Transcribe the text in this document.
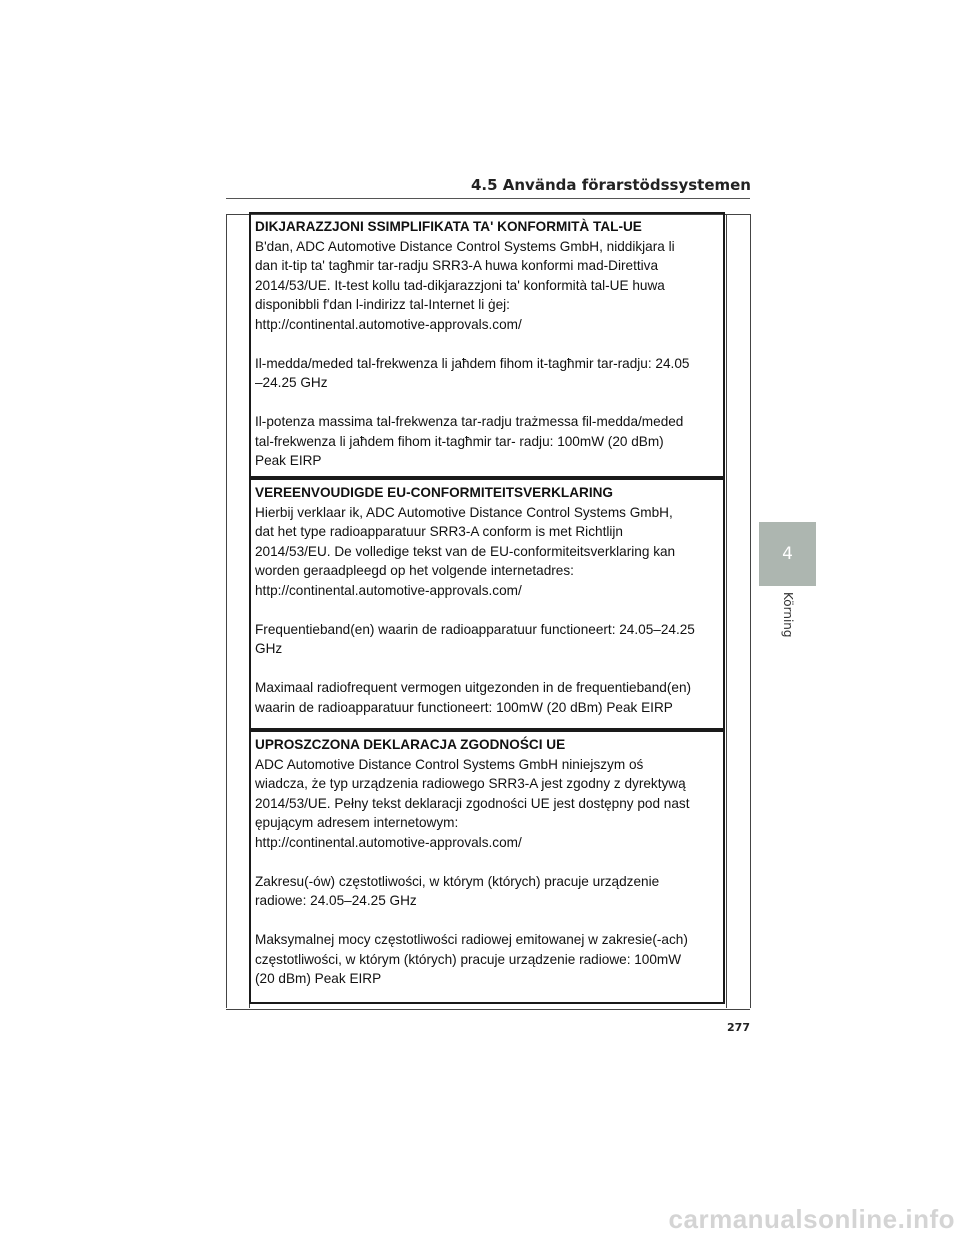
4.5 Använda förarstödssystemen
DIKJARAZZJONI SSIMPLIFIKATA TA' KONFORMITÀ TAL-UE
B'dan, ADC Automotive Distance Control Systems GmbH, niddikjara li
dan it-tip ta' tagħmir tar-radju SRR3-A huwa konformi mad-Direttiva
2014/53/UE. It-test kollu tad-dikjarazzjoni ta' konformità tal-UE huwa
disponibbli f'dan l-indirizz tal-Internet li ġej:
http://continental.automotive-approvals.com/
Il-medda/meded tal-frekwenza li jaħdem fihom it-tagħmir tar-radju: 24.05
–24.25 GHz
Il-potenza massima tal-frekwenza tar-radju trażmessa fil-medda/meded
tal-frekwenza li jaħdem fihom it-tagħmir tar- radju: 100mW (20 dBm)
Peak EIRP
VEREENVOUDIGDE EU-CONFORMITEITSVERKLARING
Hierbij verklaar ik, ADC Automotive Distance Control Systems GmbH,
dat het type radioapparatuur SRR3-A conform is met Richtlijn
2014/53/EU. De volledige tekst van de EU-conformiteitsverklaring kan
worden geraadpleegd op het volgende internetadres:
http://continental.automotive-approvals.com/
Frequentieband(en) waarin de radioapparatuur functioneert: 24.05–24.25
GHz
Maximaal radiofrequent vermogen uitgezonden in de frequentieband(en)
waarin de radioapparatuur functioneert: 100mW (20 dBm) Peak EIRP
UPROSZCZONA DEKLARACJA ZGODNOŚCI UE
ADC Automotive Distance Control Systems GmbH niniejszym oś
wiadcza, że typ urządzenia radiowego SRR3-A jest zgodny z dyrektywą
2014/53/UE. Pełny tekst deklaracji zgodności UE jest dostępny pod nast
ępującym adresem internetowym:
http://continental.automotive-approvals.com/
Zakresu(-ów) częstotliwości, w którym (których) pracuje urządzenie
radiowe: 24.05–24.25 GHz
Maksymalnej mocy częstotliwości radiowej emitowanej w zakresie(-ach)
częstotliwości, w którym (których) pracuje urządzenie radiowe: 100mW
(20 dBm) Peak EIRP
4
Körning
277
carmanualsonline.info
